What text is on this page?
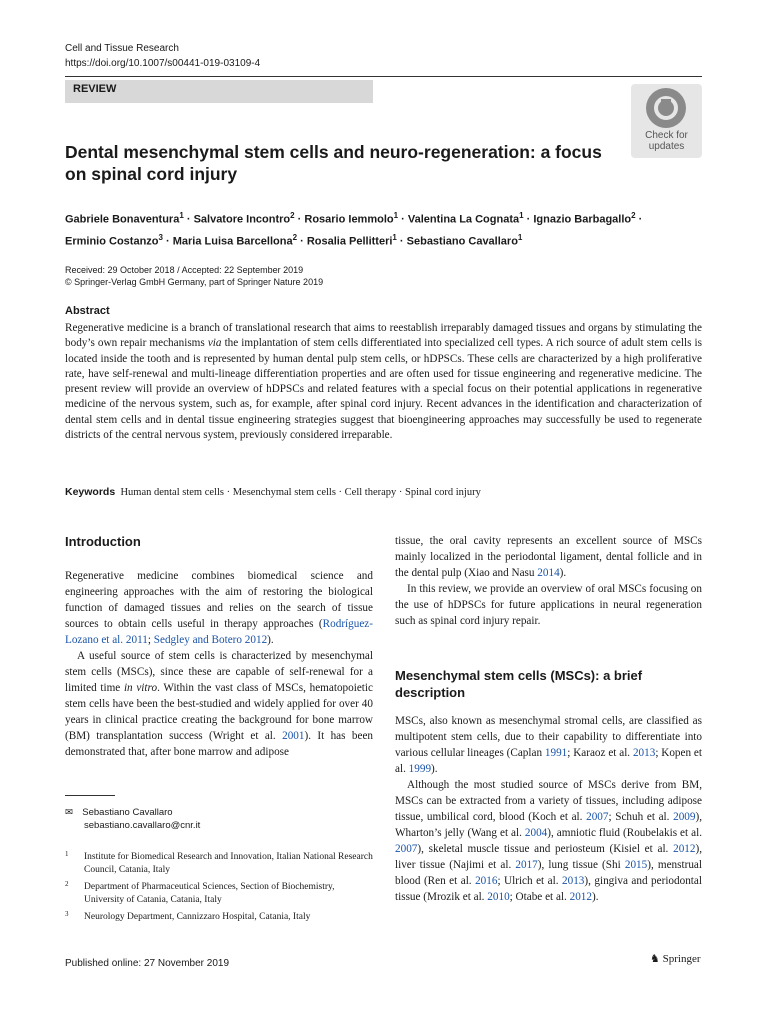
Cell and Tissue Research
https://doi.org/10.1007/s00441-019-03109-4
REVIEW
Check for
updates
Dental mesenchymal stem cells and neuro-regeneration: a focus on spinal cord injury
Gabriele Bonaventura$^1$ · Salvatore Incontro$^2$ · Rosario Iemmolo$^1$ · Valentina La Cognata$^1$ · Ignazio Barbagallo$^2$ ·
Erminio Costanzo$^3$ · Maria Luisa Barcellona$^2$ · Rosalia Pellitteri$^1$ · Sebastiano Cavallaro$^1$
Received: 29 October 2018 / Accepted: 22 September 2019
© Springer-Verlag GmbH Germany, part of Springer Nature 2019
Abstract
Regenerative medicine is a branch of translational research that aims to reestablish irreparably damaged tissues and organs by stimulating the body’s own repair mechanisms via the implantation of stem cells differentiated into specialized cell types. A rich source of adult stem cells is located inside the tooth and is represented by human dental pulp stem cells, or hDPSCs. These cells are characterized by a high proliferative rate, have self-renewal and multi-lineage differentiation properties and are often used for tissue engineering and regenerative medicine. The present review will provide an overview of hDPSCs and related features with a special focus on their potential applications in regenerative medicine of the nervous system, such as, for example, after spinal cord injury. Recent advances in the identification and characterization of dental stem cells and in dental tissue engineering strategies suggest that bioengineering approaches may successfully be used to regenerate districts of the central nervous system, previously considered irreparable.
Keywords Human dental stem cells · Mesenchymal stem cells · Cell therapy · Spinal cord injury
Introduction

Regenerative medicine combines biomedical science and engineering approaches with the aim of restoring the biological function of damaged tissues and relies on the search of tissue sources to obtain cells useful in therapy approaches (Rodríguez-Lozano et al. 2011; Sedgley and Botero 2012).

A useful source of stem cells is characterized by mesenchymal stem cells (MSCs), since these are capable of self-renewal for a limited time in vitro. Within the vast class of MSCs, hematopoietic stem cells have been the best-studied and widely applied for over 40 years in clinical practice creating the background for bone marrow (BM) transplantation success (Wright et al. 2001). It has been demonstrated that, after bone marrow and adipose

✉ Sebastiano Cavallaro
sebastiano.cavallaro@cnr.it
1 Institute for Biomedical Research and Innovation, Italian National Research Council, Catania, Italy
2 Department of Pharmaceutical Sciences, Section of Biochemistry, University of Catania, Catania, Italy
3 Neurology Department, Cannizzaro Hospital, Catania, Italy

tissue, the oral cavity represents an excellent source of MSCs mainly localized in the periodontal ligament, dental follicle and in the dental pulp (Xiao and Nasu 2014).

In this review, we provide an overview of oral MSCs focusing on the use of hDPSCs for future applications in neural regeneration such as spinal cord injury repair.

Mesenchymal stem cells (MSCs): a brief description

MSCs, also known as mesenchymal stromal cells, are classified as multipotent stem cells, due to their capability to differentiate into various cellular lineages (Caplan 1991; Karaoz et al. 2013; Kopen et al. 1999).

Although the most studied source of MSCs derive from BM, MSCs can be extracted from a variety of tissues, including adipose tissue, umbilical cord, blood (Koch et al. 2007; Schuh et al. 2009), Wharton’s jelly (Wang et al. 2004), amniotic fluid (Roubelakis et al. 2007), skeletal muscle tissue and periosteum (Kisiel et al. 2012), liver tissue (Najimi et al. 2017), lung tissue (Shi 2015), menstrual blood (Ren et al. 2016; Ulrich et al. 2013), gingiva and periodontal tissue (Mrozik et al. 2010; Otabe et al. 2012).

Published online: 27 November 2019	♞ Springer
